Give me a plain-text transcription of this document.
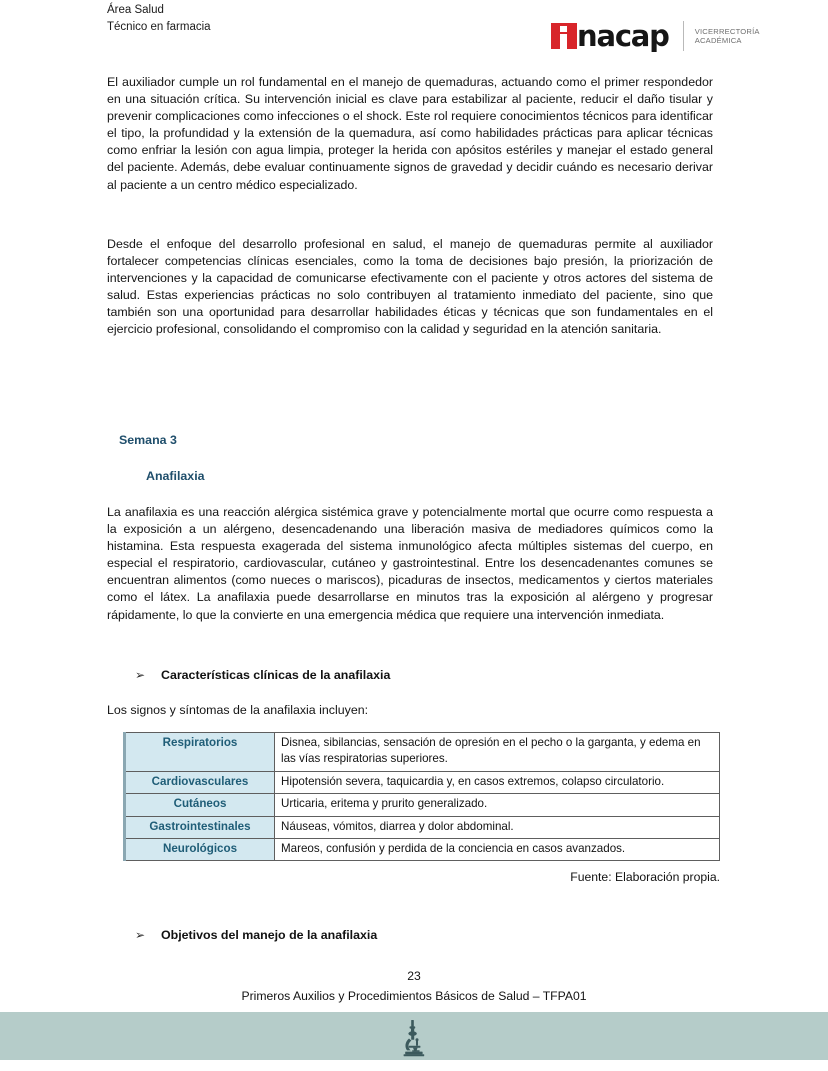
Área Salud
Técnico en farmacia	nacap	VICERRECTORÍA
ACADÉMICA

El auxiliador cumple un rol fundamental en el manejo de quemaduras, actuando como el primer respondedor en una situación crítica. Su intervención inicial es clave para estabilizar al paciente, reducir el daño tisular y prevenir complicaciones como infecciones o el shock. Este rol requiere conocimientos técnicos para identificar el tipo, la profundidad y la extensión de la quemadura, así como habilidades prácticas para aplicar técnicas como enfriar la lesión con agua limpia, proteger la herida con apósitos estériles y manejar el estado general del paciente. Además, debe evaluar continuamente signos de gravedad y decidir cuándo es necesario derivar al paciente a un centro médico especializado.

Desde el enfoque del desarrollo profesional en salud, el manejo de quemaduras permite al auxiliador fortalecer competencias clínicas esenciales, como la toma de decisiones bajo presión, la priorización de intervenciones y la capacidad de comunicarse efectivamente con el paciente y otros actores del sistema de salud. Estas experiencias prácticas no solo contribuyen al tratamiento inmediato del paciente, sino que también son una oportunidad para desarrollar habilidades éticas y técnicas que son fundamentales en el ejercicio profesional, consolidando el compromiso con la calidad y seguridad en la atención sanitaria.

Semana 3
Anafilaxia

La anafilaxia es una reacción alérgica sistémica grave y potencialmente mortal que ocurre como respuesta a la exposición a un alérgeno, desencadenando una liberación masiva de mediadores químicos como la histamina. Esta respuesta exagerada del sistema inmunológico afecta múltiples sistemas del cuerpo, en especial el respiratorio, cardiovascular, cutáneo y gastrointestinal. Entre los desencadenantes comunes se encuentran alimentos (como nueces o mariscos), picaduras de insectos, medicamentos y ciertos materiales como el látex. La anafilaxia puede desarrollarse en minutos tras la exposición al alérgeno y progresar rápidamente, lo que la convierte en una emergencia médica que requiere una intervención inmediata.

➢	Características clínicas de la anafilaxia

Los signos y síntomas de la anafilaxia incluyen:

Respiratorios	Disnea, sibilancias, sensación de opresión en el pecho o la garganta, y edema en las vías respiratorias superiores.
Cardiovasculares	Hipotensión severa, taquicardia y, en casos extremos, colapso circulatorio.
Cutáneos	Urticaria, eritema y prurito generalizado.
Gastrointestinales	Náuseas, vómitos, diarrea y dolor abdominal.
Neurológicos	Mareos, confusión y perdida de la conciencia en casos avanzados.
Fuente: Elaboración propia.
➢	Objetivos del manejo de la anafilaxia
23
Primeros Auxilios y Procedimientos Básicos de Salud – TFPA01
